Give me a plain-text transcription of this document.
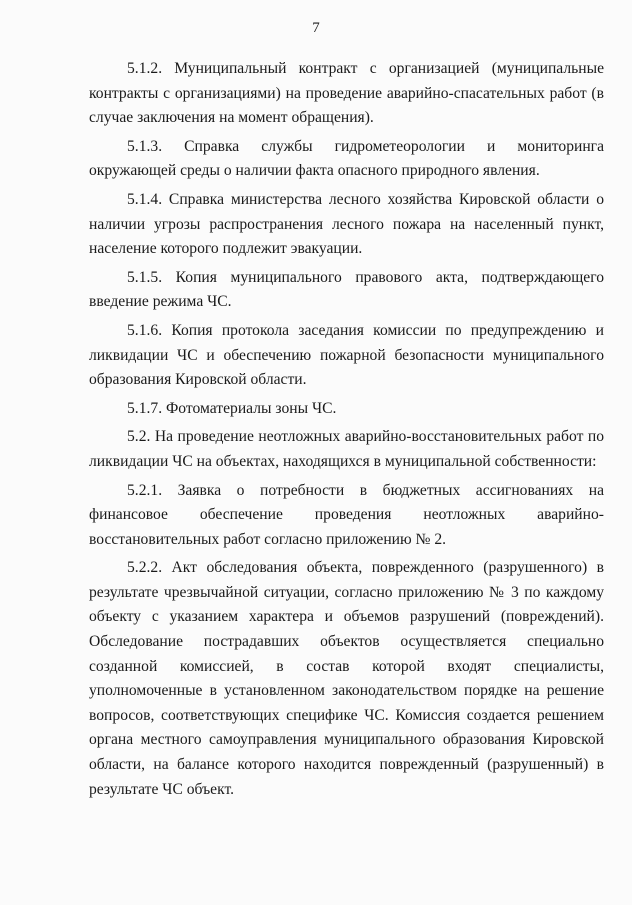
7

5.1.2. Муниципальный контракт с организацией (муниципальные контракты с организациями) на проведение аварийно-спасательных работ (в случае заключения на момент обращения).

5.1.3. Справка службы гидрометеорологии и мониторинга окружающей среды о наличии факта опасного природного явления.

5.1.4. Справка министерства лесного хозяйства Кировской области о наличии угрозы распространения лесного пожара на населенный пункт, население которого подлежит эвакуации.

5.1.5. Копия муниципального правового акта, подтверждающего введение режима ЧС.

5.1.6. Копия протокола заседания комиссии по предупреждению и ликвидации ЧС и обеспечению пожарной безопасности муниципального образования Кировской области.

5.1.7. Фотоматериалы зоны ЧС.

5.2. На проведение неотложных аварийно-восстановительных работ по ликвидации ЧС на объектах, находящихся в муниципальной собственности:

5.2.1. Заявка о потребности в бюджетных ассигнованиях на финансовое обеспечение проведения неотложных аварийно-восстановительных работ согласно приложению № 2.

5.2.2. Акт обследования объекта, поврежденного (разрушенного) в результате чрезвычайной ситуации, согласно приложению № 3 по каждому объекту с указанием характера и объемов разрушений (повреждений). Обследование пострадавших объектов осуществляется специально созданной комиссией, в состав которой входят специалисты, уполномоченные в установленном законодательством порядке на решение вопросов, соответствующих специфике ЧС. Комиссия создается решением органа местного самоуправления муниципального образования Кировской области, на балансе которого находится поврежденный (разрушенный) в результате ЧС объект.
